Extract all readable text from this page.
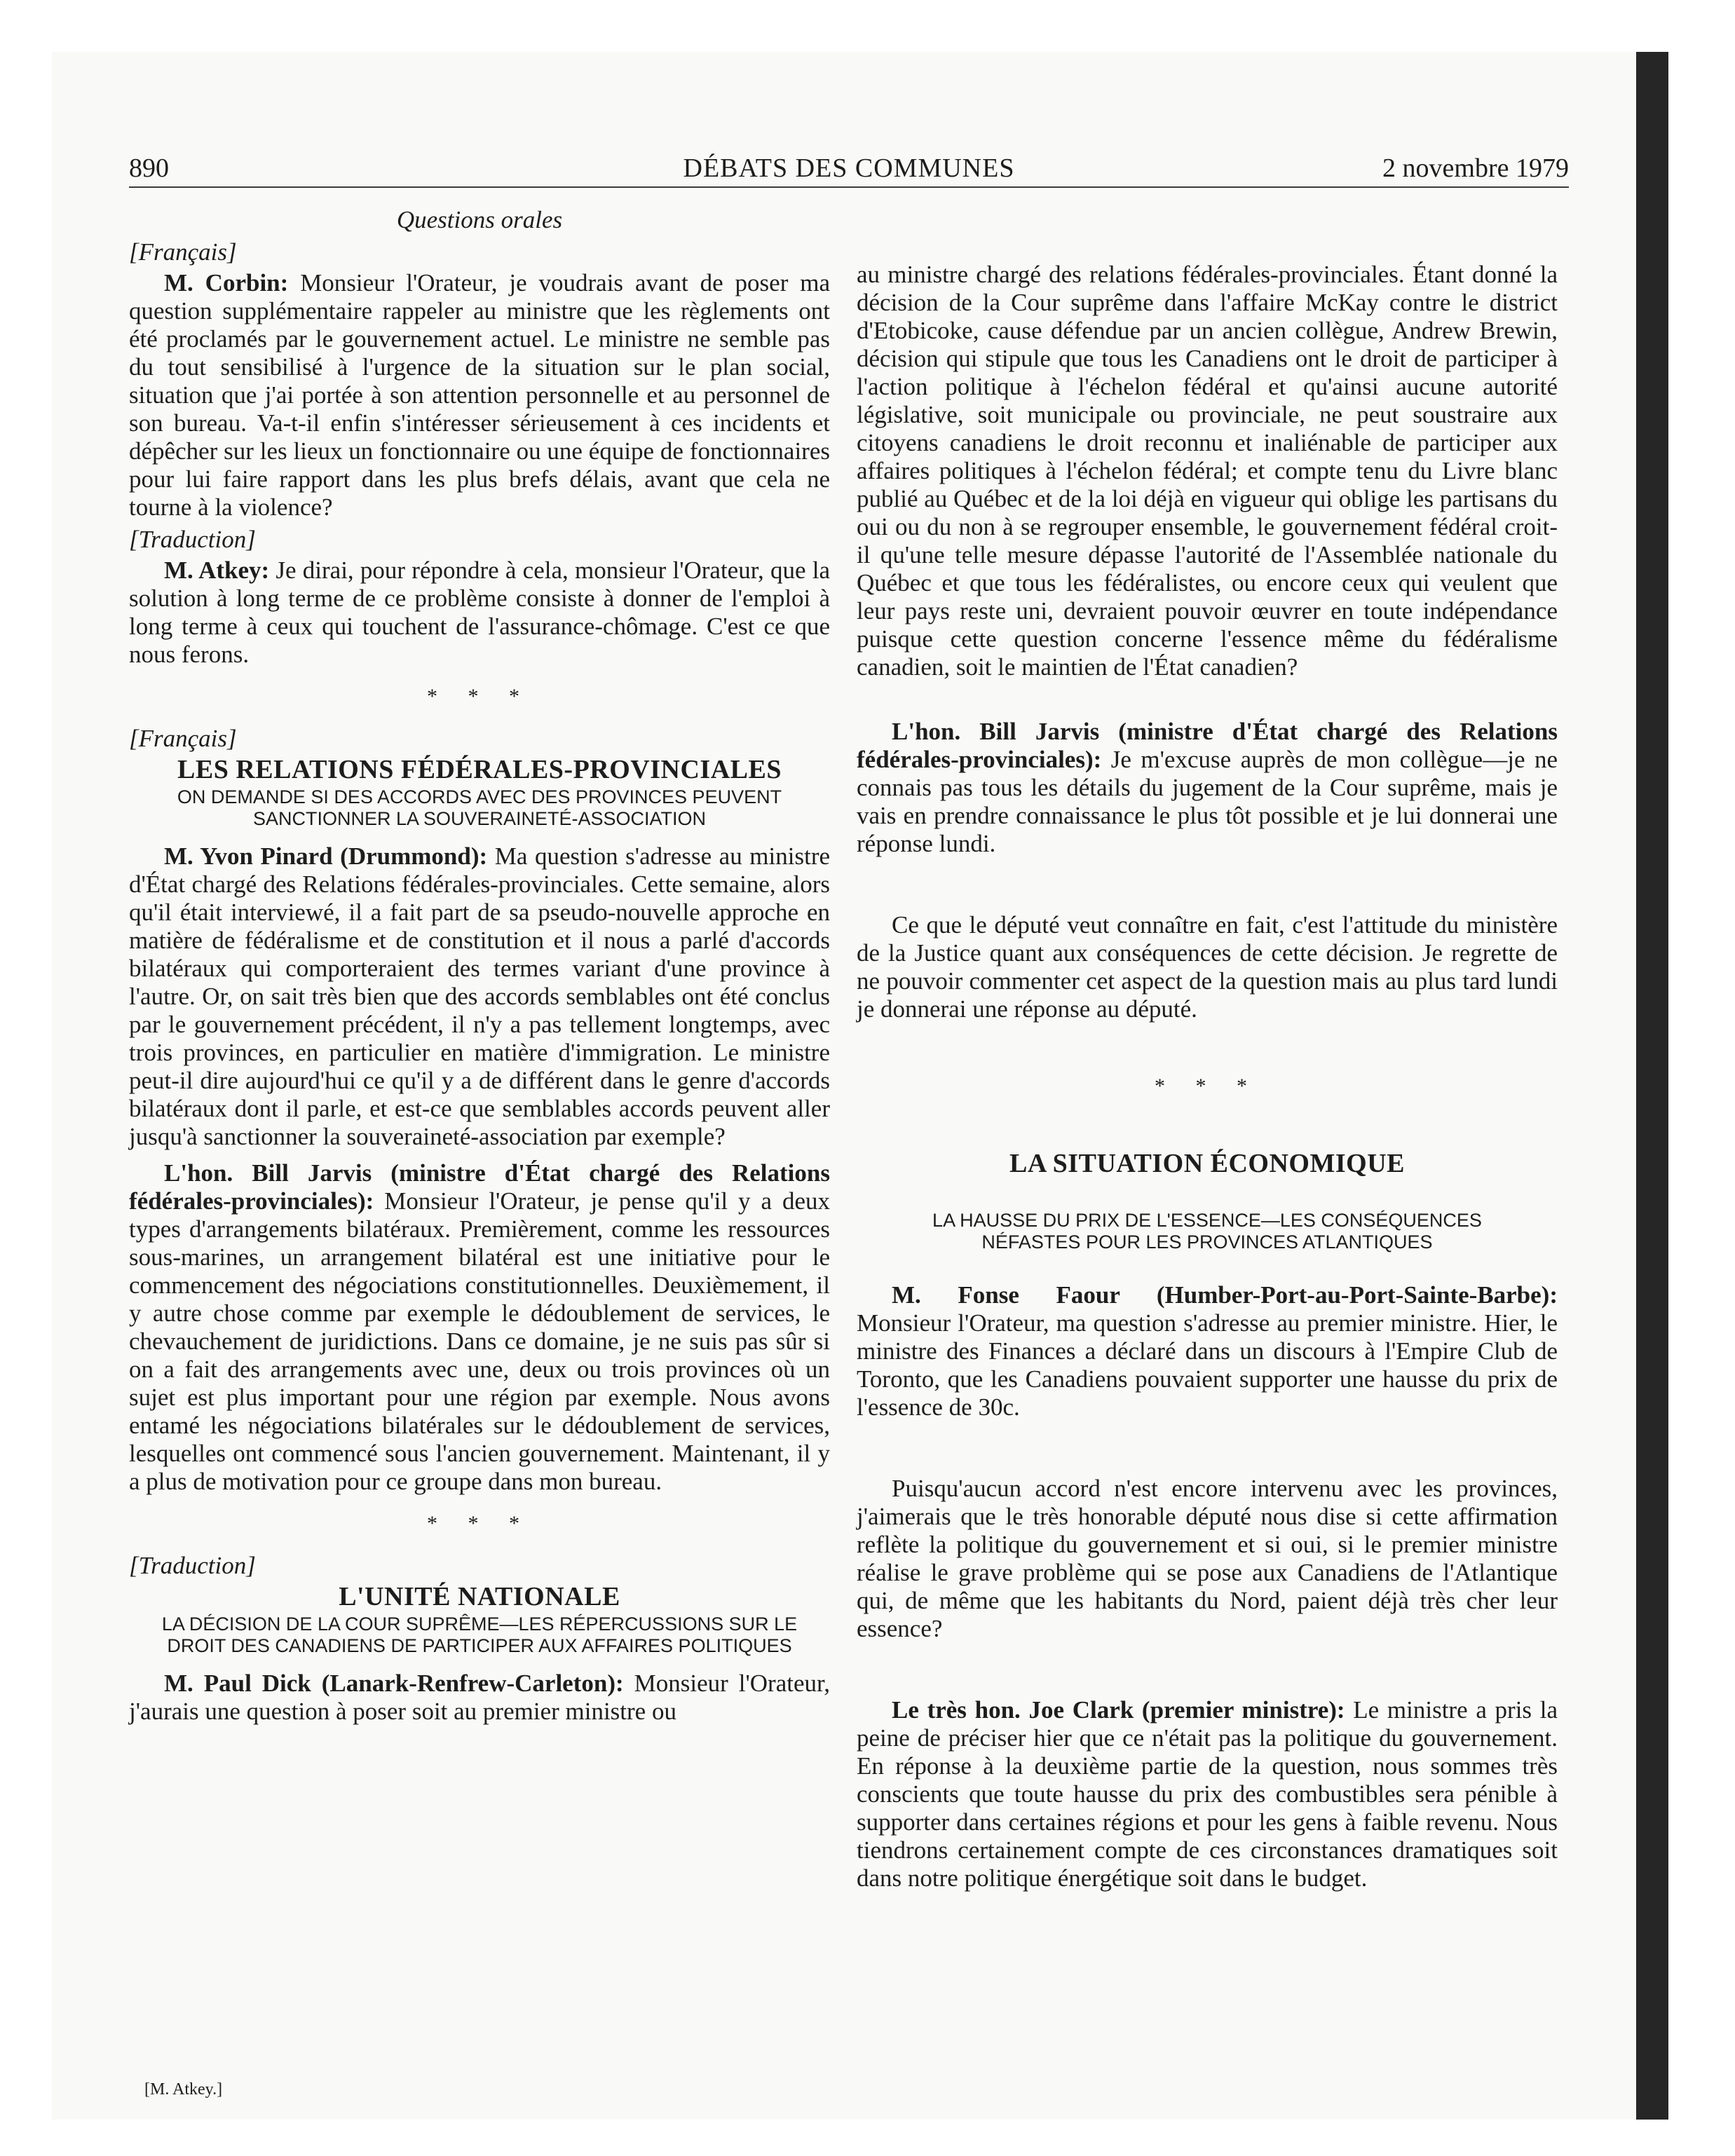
890	DÉBATS DES COMMUNES	2 novembre 1979

Questions orales

[Français]

M. Corbin: Monsieur l'Orateur, je voudrais avant de poser ma question supplémentaire rappeler au ministre que les règlements ont été proclamés par le gouvernement actuel. Le ministre ne semble pas du tout sensibilisé à l'urgence de la situation sur le plan social, situation que j'ai portée à son attention personnelle et au personnel de son bureau. Va-t-il enfin s'intéresser sérieusement à ces incidents et dépêcher sur les lieux un fonctionnaire ou une équipe de fonctionnaires pour lui faire rapport dans les plus brefs délais, avant que cela ne tourne à la violence?

[Traduction]

M. Atkey: Je dirai, pour répondre à cela, monsieur l'Orateur, que la solution à long terme de ce problème consiste à donner de l'emploi à long terme à ceux qui touchent de l'assurance-chômage. C'est ce que nous ferons.

* * *

[Français]

LES RELATIONS FÉDÉRALES-PROVINCIALES

ON DEMANDE SI DES ACCORDS AVEC DES PROVINCES PEUVENT SANCTIONNER LA SOUVERAINETÉ-ASSOCIATION

M. Yvon Pinard (Drummond): Ma question s'adresse au ministre d'État chargé des Relations fédérales-provinciales. Cette semaine, alors qu'il était interviewé, il a fait part de sa pseudo-nouvelle approche en matière de fédéralisme et de constitution et il nous a parlé d'accords bilatéraux qui comporteraient des termes variant d'une province à l'autre. Or, on sait très bien que des accords semblables ont été conclus par le gouvernement précédent, il n'y a pas tellement longtemps, avec trois provinces, en particulier en matière d'immigration. Le ministre peut-il dire aujourd'hui ce qu'il y a de différent dans le genre d'accords bilatéraux dont il parle, et est-ce que semblables accords peuvent aller jusqu'à sanctionner la souveraineté-association par exemple?

L'hon. Bill Jarvis (ministre d'État chargé des Relations fédérales-provinciales): Monsieur l'Orateur, je pense qu'il y a deux types d'arrangements bilatéraux. Premièrement, comme les ressources sous-marines, un arrangement bilatéral est une initiative pour le commencement des négociations constitutionnelles. Deuxièmement, il y autre chose comme par exemple le dédoublement de services, le chevauchement de juridictions. Dans ce domaine, je ne suis pas sûr si on a fait des arrangements avec une, deux ou trois provinces où un sujet est plus important pour une région par exemple. Nous avons entamé les négociations bilatérales sur le dédoublement de services, lesquelles ont commencé sous l'ancien gouvernement. Maintenant, il y a plus de motivation pour ce groupe dans mon bureau.

* * *

[Traduction]

L'UNITÉ NATIONALE

LA DÉCISION DE LA COUR SUPRÊME—LES RÉPERCUSSIONS SUR LE DROIT DES CANADIENS DE PARTICIPER AUX AFFAIRES POLITIQUES

M. Paul Dick (Lanark-Renfrew-Carleton): Monsieur l'Orateur, j'aurais une question à poser soit au premier ministre ou

au ministre chargé des relations fédérales-provinciales. Étant donné la décision de la Cour suprême dans l'affaire McKay contre le district d'Etobicoke, cause défendue par un ancien collègue, Andrew Brewin, décision qui stipule que tous les Canadiens ont le droit de participer à l'action politique à l'échelon fédéral et qu'ainsi aucune autorité législative, soit municipale ou provinciale, ne peut soustraire aux citoyens canadiens le droit reconnu et inaliénable de participer aux affaires politiques à l'échelon fédéral; et compte tenu du Livre blanc publié au Québec et de la loi déjà en vigueur qui oblige les partisans du oui ou du non à se regrouper ensemble, le gouvernement fédéral croit-il qu'une telle mesure dépasse l'autorité de l'Assemblée nationale du Québec et que tous les fédéralistes, ou encore ceux qui veulent que leur pays reste uni, devraient pouvoir œuvrer en toute indépendance puisque cette question concerne l'essence même du fédéralisme canadien, soit le maintien de l'État canadien?

L'hon. Bill Jarvis (ministre d'État chargé des Relations fédérales-provinciales): Je m'excuse auprès de mon collègue—je ne connais pas tous les détails du jugement de la Cour suprême, mais je vais en prendre connaissance le plus tôt possible et je lui donnerai une réponse lundi.

Ce que le député veut connaître en fait, c'est l'attitude du ministère de la Justice quant aux conséquences de cette décision. Je regrette de ne pouvoir commenter cet aspect de la question mais au plus tard lundi je donnerai une réponse au député.

* * *

LA SITUATION ÉCONOMIQUE

LA HAUSSE DU PRIX DE L'ESSENCE—LES CONSÉQUENCES NÉFASTES POUR LES PROVINCES ATLANTIQUES

M. Fonse Faour (Humber-Port-au-Port-Sainte-Barbe): Monsieur l'Orateur, ma question s'adresse au premier ministre. Hier, le ministre des Finances a déclaré dans un discours à l'Empire Club de Toronto, que les Canadiens pouvaient supporter une hausse du prix de l'essence de 30c.

Puisqu'aucun accord n'est encore intervenu avec les provinces, j'aimerais que le très honorable député nous dise si cette affirmation reflète la politique du gouvernement et si oui, si le premier ministre réalise le grave problème qui se pose aux Canadiens de l'Atlantique qui, de même que les habitants du Nord, paient déjà très cher leur essence?

Le très hon. Joe Clark (premier ministre): Le ministre a pris la peine de préciser hier que ce n'était pas la politique du gouvernement. En réponse à la deuxième partie de la question, nous sommes très conscients que toute hausse du prix des combustibles sera pénible à supporter dans certaines régions et pour les gens à faible revenu. Nous tiendrons certainement compte de ces circonstances dramatiques soit dans notre politique énergétique soit dans le budget.

[M. Atkey.]
